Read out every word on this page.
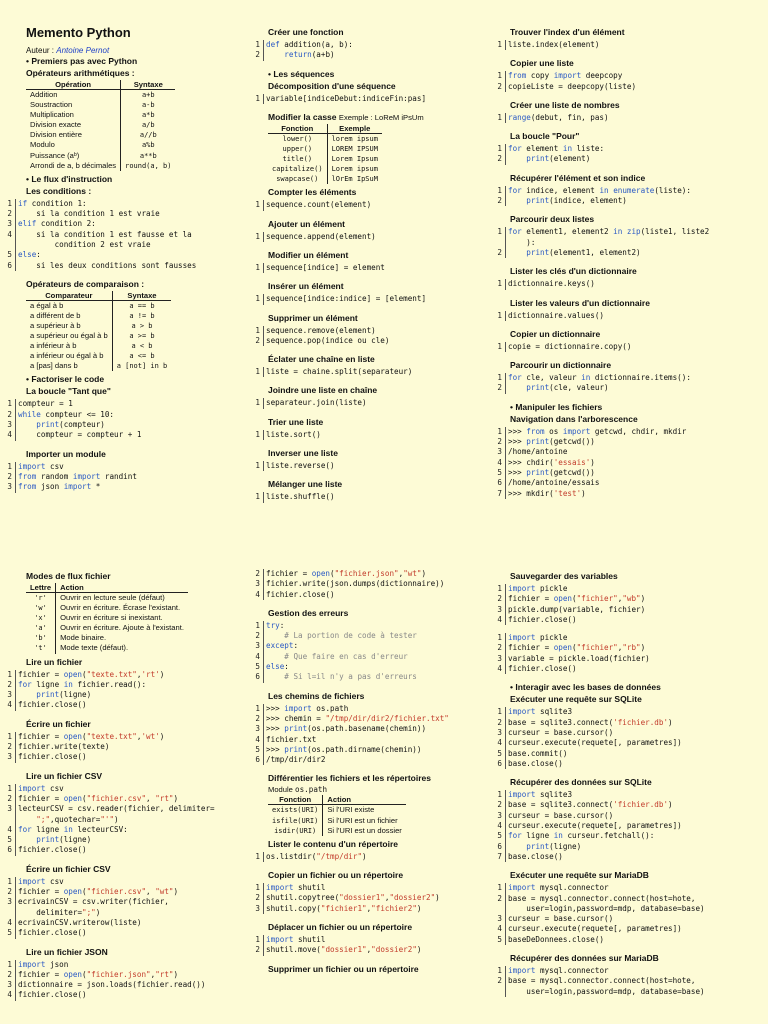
Memento Python
Auteur : Antoine Pernot
• Premiers pas avec Python
Opérateurs arithmétiques :
Opération	Syntaxe
Addition	a+b
Soustraction	a-b
Multiplication	a*b
Division exacte	a/b
Division entière	a//b
Modulo	a%b
Puissance (aᵇ)	a**b
Arrondi de a, b décimales	round(a, b)
• Le flux d'instruction
Les conditions :
1 if condition 1:
2 si la condition 1 est vraie
3 elif condition 2:
4	si la condition 1 est fausse et la
condition 2 est vraie
5 else:
6 si les deux conditions sont fausses
Opérateurs de comparaison :
Comparateur	Syntaxe
a égal à b	a == b
a différent de b	a != b
a supérieur à b	a > b
a supérieur ou égal à b	a >= b
a inférieur à b	a < b
a inférieur ou égal à b	a <= b
a [pas] dans b	a [not] in b
• Factoriser le code
La boucle "Tant que"
1 compteur = 1
2 while compteur <= 10:
3	print(compteur)
4 compteur = compteur + 1
Importer un module
1 import csv
2 from random import randint
3 from json import *
Créer une fonction
1 def addition(a, b):
2	return(a+b)
• Les séquences
Décomposition d'une séquence
1 variable[indiceDebut:indiceFin:pas]
Modifier la casse Exemple : LoReM iPsUm
Fonction	Exemple
lower()	lorem ipsum
upper()	LOREM IPSUM
title()	Lorem Ipsum
capitalize()	Lorem ipsum
swapcase()	lOrEm IpSuM
Compter les éléments
1 sequence.count(element)
Ajouter un élément
1 sequence.append(element)
Modifier un élément
1 sequence[indice] = element
Insérer un élément
1 sequence[indice:indice] = [element]
Supprimer un élément
1 sequence.remove(element)
2 sequence.pop(indice ou cle)
Éclater une chaîne en liste
1 liste = chaine.split(separateur)
Joindre une liste en chaîne
1 separateur.join(liste)
Trier une liste
1 liste.sort()
Inverser une liste
1 liste.reverse()
Mélanger une liste
1 liste.shuffle()
Trouver l'index d'un élément
1 liste.index(element)
Copier une liste
1 from copy import deepcopy
2 copieListe = deepcopy(liste)
Créer une liste de nombres
1 range(debut, fin, pas)
La boucle "Pour"
1 for element in liste:
2	print(element)
Récupérer l'élément et son indice
1 for indice, element in enumerate(liste):
2	print(indice, element)
Parcourir deux listes
1 for element1, element2 in zip(liste1, liste2
):
2	print(element1, element2)
Lister les clés d'un dictionnaire
1 dictionnaire.keys()
Lister les valeurs d'un dictionnaire
1 dictionnaire.values()
Copier un dictionnaire
1 copie = dictionnaire.copy()
Parcourir un dictionnaire
1 for cle, valeur in dictionnaire.items():
2	print(cle, valeur)
• Manipuler les fichiers
Navigation dans l'arborescence
1 >>> from os import getcwd, chdir, mkdir
2 >>> print(getcwd())
3 /home/antoine
4 >>> chdir('essais')
5 >>> print(getcwd())
6 /home/antoine/essais
7 >>> mkdir('test')
Modes de flux fichier
Lettre	Action
'r'	Ouvrir en lecture seule (défaut)
'w'	Ouvrir en écriture. Écrase l'existant.
'x'	Ouvrir en écriture si inexistant.
'a'	Ouvrir en écriture. Ajoute à l'existant.
'b'	Mode binaire.
't'	Mode texte (défaut).
Lire un fichier
1 fichier = open("texte.txt",'rt')
2 for ligne in fichier.read():
3	print(ligne)
4 fichier.close()
Écrire un fichier
1 fichier = open("texte.txt",'wt')
2 fichier.write(texte)
3 fichier.close()
Lire un fichier CSV
1 import csv
2 fichier = open("fichier.csv", "rt")
3 lecteurCSV = csv.reader(fichier, delimiter=
";",quotechar="'")
4 for ligne in lecteurCSV:
5	print(ligne)
6 fichier.close()
Écrire un fichier CSV
1 import csv
2 fichier = open("fichier.csv", "wt")
3 ecrivainCSV = csv.writer(fichier,
delimiter=";")
4 ecrivainCSV.writerow(liste)
5 fichier.close()
Lire un fichier JSON
1 import json
2 fichier = open("fichier.json","rt")
3 dictionnaire = json.loads(fichier.read())
4 fichier.close()
2 fichier = open("fichier.json","wt")
3 fichier.write(json.dumps(dictionnaire))
4 fichier.close()
Gestion des erreurs
1 try:
2	# La portion de code à tester
3 except:
4	# Que faire en cas d'erreur
5 else:
6	# Si l=il n'y a pas d'erreurs
Les chemins de fichiers
1 >>> import os.path
2 >>> chemin = "/tmp/dir/dir2/fichier.txt"
3 >>> print(os.path.basename(chemin))
4 fichier.txt
5 >>> print(os.path.dirname(chemin))
6 /tmp/dir/dir2
Différentier les fichiers et les répertoires
Module os.path
Fonction	Action
exists(URI)	Si l'URI existe
isfile(URI)	Si l'URI est un fichier
isdir(URI)	Si l'URI est un dossier
Lister le contenu d'un répertoire
1 os.listdir("/tmp/dir")
Copier un fichier ou un répertoire
1 import shutil
2 shutil.copytree("dossier1","dossier2")
3 shutil.copy("fichier1","fichier2")
Déplacer un fichier ou un répertoire
1 import shutil
2 shutil.move("dossier1","dossier2")
Supprimer un fichier ou un répertoire
Sauvegarder des variables
1 import pickle
2 fichier = open("fichier","wb")
3 pickle.dump(variable, fichier)
4 fichier.close()
1 import pickle
2 fichier = open("fichier","rb")
3 variable = pickle.load(fichier)
4 fichier.close()
• Interagir avec les bases de données
Exécuter une requête sur SQLite
1 import sqlite3
2 base = sqlite3.connect('fichier.db')
3 curseur = base.cursor()
4 curseur.execute(requete[, parametres])
5 base.commit()
6 base.close()
Récupérer des données sur SQLite
1 import sqlite3
2 base = sqlite3.connect('fichier.db')
3 curseur = base.cursor()
4 curseur.execute(requete[, parametres])
5 for ligne in curseur.fetchall():
6	print(ligne)
7 base.close()
Exécuter une requête sur MariaDB
1 import mysql.connector
2 base = mysql.connector.connect(host=hote,
user=login,password=mdp, database=base)
3 curseur = base.cursor()
4 curseur.execute(requete[, parametres])
5 baseDeDonnees.close()
Récupérer des données sur MariaDB
1 import mysql.connector
2 base = mysql.connector.connect(host=hote,
user=login,password=mdp, database=base)
